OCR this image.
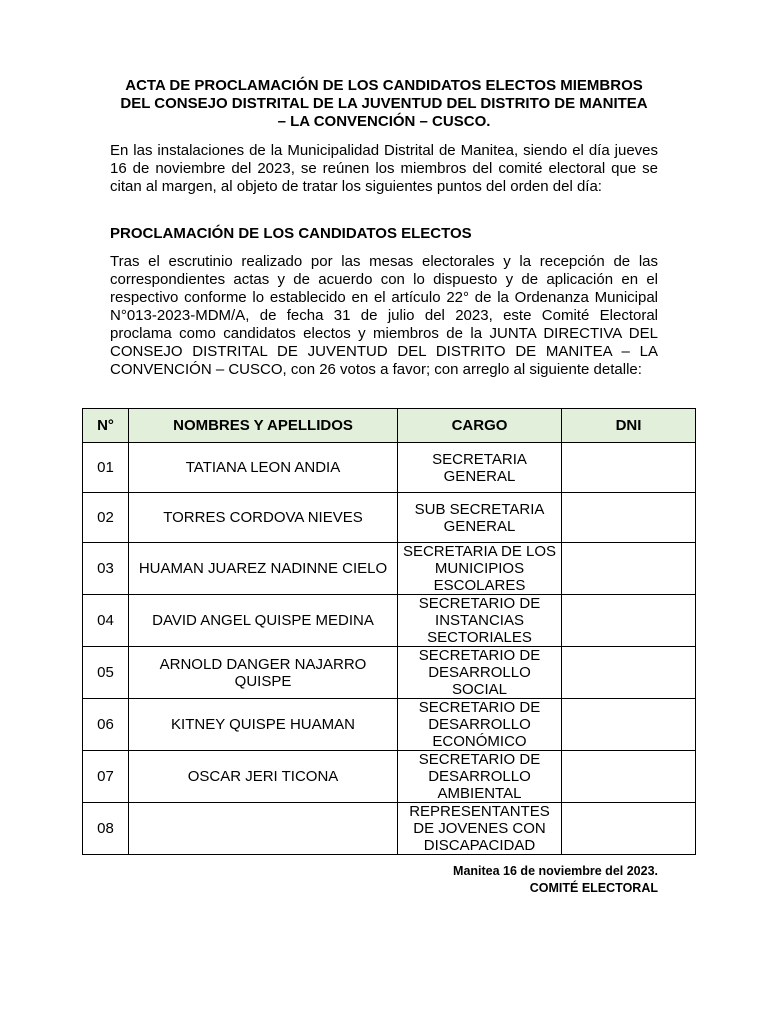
ACTA DE PROCLAMACIÓN DE LOS CANDIDATOS ELECTOS MIEMBROS
DEL CONSEJO DISTRITAL DE LA JUVENTUD DEL DISTRITO DE MANITEA
– LA CONVENCIÓN – CUSCO.
En las instalaciones de la Municipalidad Distrital de Manitea, siendo el día jueves 16 de noviembre del 2023, se reúnen los miembros del comité electoral que se citan al margen, al objeto de tratar los siguientes puntos del orden del día:
PROCLAMACIÓN DE LOS CANDIDATOS ELECTOS
Tras el escrutinio realizado por las mesas electorales y la recepción de las correspondientes actas y de acuerdo con lo dispuesto y de aplicación en el respectivo conforme lo establecido en el artículo 22° de la Ordenanza Municipal N°013-2023-MDM/A, de fecha 31 de julio del 2023, este Comité Electoral proclama como candidatos electos y miembros de la JUNTA DIRECTIVA DEL CONSEJO DISTRITAL DE JUVENTUD DEL DISTRITO DE MANITEA – LA CONVENCIÓN – CUSCO, con 26 votos a favor; con arreglo al siguiente detalle:
N°	NOMBRES Y APELLIDOS	CARGO	DNI
01	TATIANA LEON ANDIA	SECRETARIA GENERAL	
02	TORRES CORDOVA NIEVES	SUB SECRETARIA GENERAL	
03	HUAMAN JUAREZ NADINNE CIELO	SECRETARIA DE LOS MUNICIPIOS ESCOLARES	
04	DAVID ANGEL QUISPE MEDINA	SECRETARIO DE INSTANCIAS SECTORIALES	
05	ARNOLD DANGER NAJARRO QUISPE	SECRETARIO DE DESARROLLO SOCIAL	
06	KITNEY QUISPE HUAMAN	SECRETARIO DE DESARROLLO ECONÓMICO	
07	OSCAR JERI TICONA	SECRETARIO DE DESARROLLO AMBIENTAL	
08		REPRESENTANTES DE JOVENES CON DISCAPACIDAD	
Manitea 16 de noviembre del 2023.
COMITÉ ELECTORAL
